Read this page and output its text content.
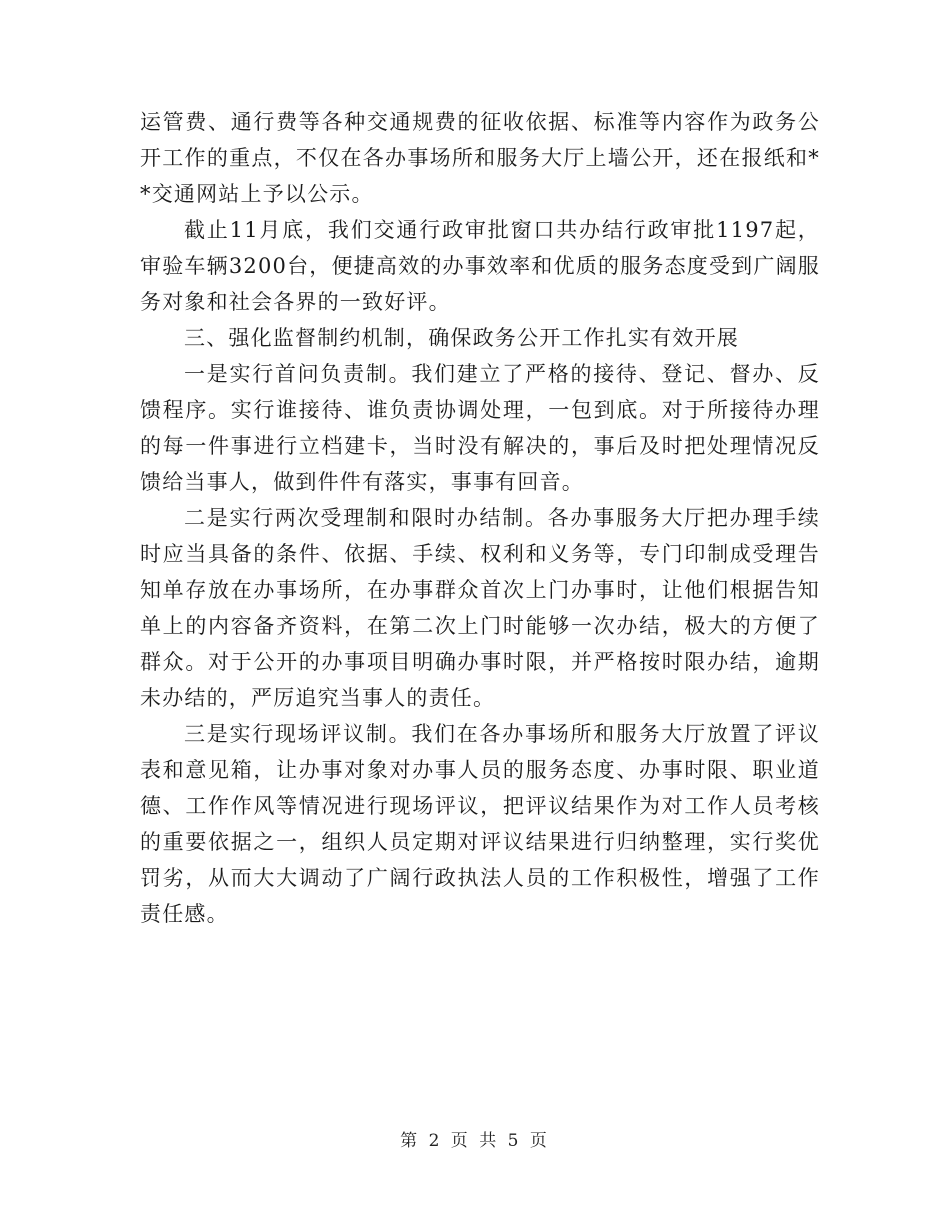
运管费、通行费等各种交通规费的征收依据、标准等内容作为政务公开工作的重点，不仅在各办事场所和服务大厅上墙公开，还在报纸和**交通网站上予以公示。

截止11月底，我们交通行政审批窗口共办结行政审批1197起，审验车辆3200台，便捷高效的办事效率和优质的服务态度受到广阔服务对象和社会各界的一致好评。

三、强化监督制约机制，确保政务公开工作扎实有效开展

一是实行首问负责制。我们建立了严格的接待、登记、督办、反馈程序。实行谁接待、谁负责协调处理，一包到底。对于所接待办理的每一件事进行立档建卡，当时没有解决的，事后及时把处理情况反馈给当事人，做到件件有落实，事事有回音。

二是实行两次受理制和限时办结制。各办事服务大厅把办理手续时应当具备的条件、依据、手续、权利和义务等，专门印制成受理告知单存放在办事场所，在办事群众首次上门办事时，让他们根据告知单上的内容备齐资料，在第二次上门时能够一次办结，极大的方便了群众。对于公开的办事项目明确办事时限，并严格按时限办结，逾期未办结的，严厉追究当事人的责任。

三是实行现场评议制。我们在各办事场所和服务大厅放置了评议表和意见箱，让办事对象对办事人员的服务态度、办事时限、职业道德、工作作风等情况进行现场评议，把评议结果作为对工作人员考核的重要依据之一，组织人员定期对评议结果进行归纳整理，实行奖优罚劣，从而大大调动了广阔行政执法人员的工作积极性，增强了工作责任感。

第 2 页 共 5 页
